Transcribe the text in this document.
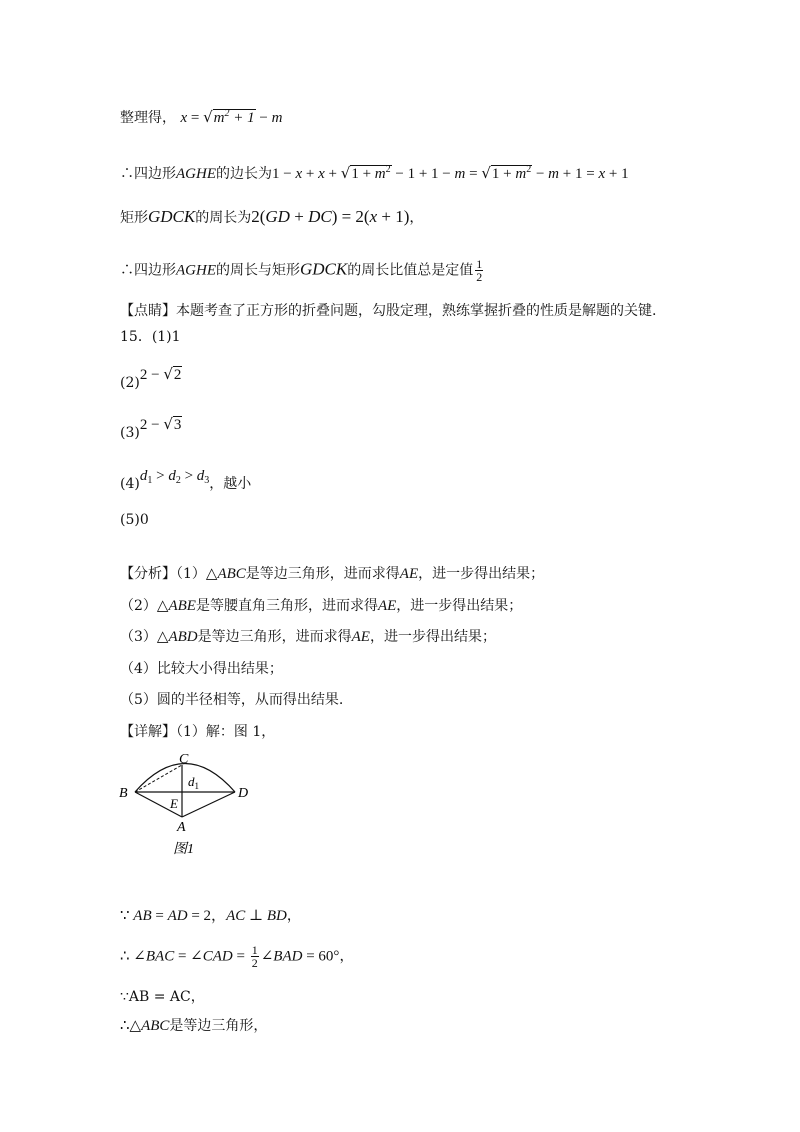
整理得， $x = √m^2 + 1 - m$
∴四边形AGHE的边长为$1 - x + x + √1 + m^2 - 1 + 1 - m = √1 + m^2 - m + 1 = x + 1$
矩形GDCK的周长为2(GD + DC) = 2(x + 1)，
∴四边形AGHE的周长与矩形GDCK的周长比值总是定值 $\frac{1}{2}$
【点睛】本题考查了正方形的折叠问题，勾股定理，熟练掌握折叠的性质是解题的关键.
15．(1)1
(2)2 − √2
(3)2 − √3
$(4)d_1 > d_2 > d_3$，越小
(5)0
【分析】（1）△ABC是等边三角形，进而求得AE，进一步得出结果；
（2）△ABE是等腰直角三角形，进而求得AE，进一步得出结果；
（3）△ABD是等边三角形，进而求得AE，进一步得出结果；
（4）比较大小得出结果；
（5）圆的半径相等，从而得出结果.
【详解】（1）解：图 1，
C
B	D
E
A
$d_1$
图1
∵ AB = AD = 2，AC ⊥ BD，
∴ ∠BAC = ∠CAD = $\frac{1}{2}$ ∠BAD = 60°，
∵AB = AC，
∴△ABC是等边三角形，
